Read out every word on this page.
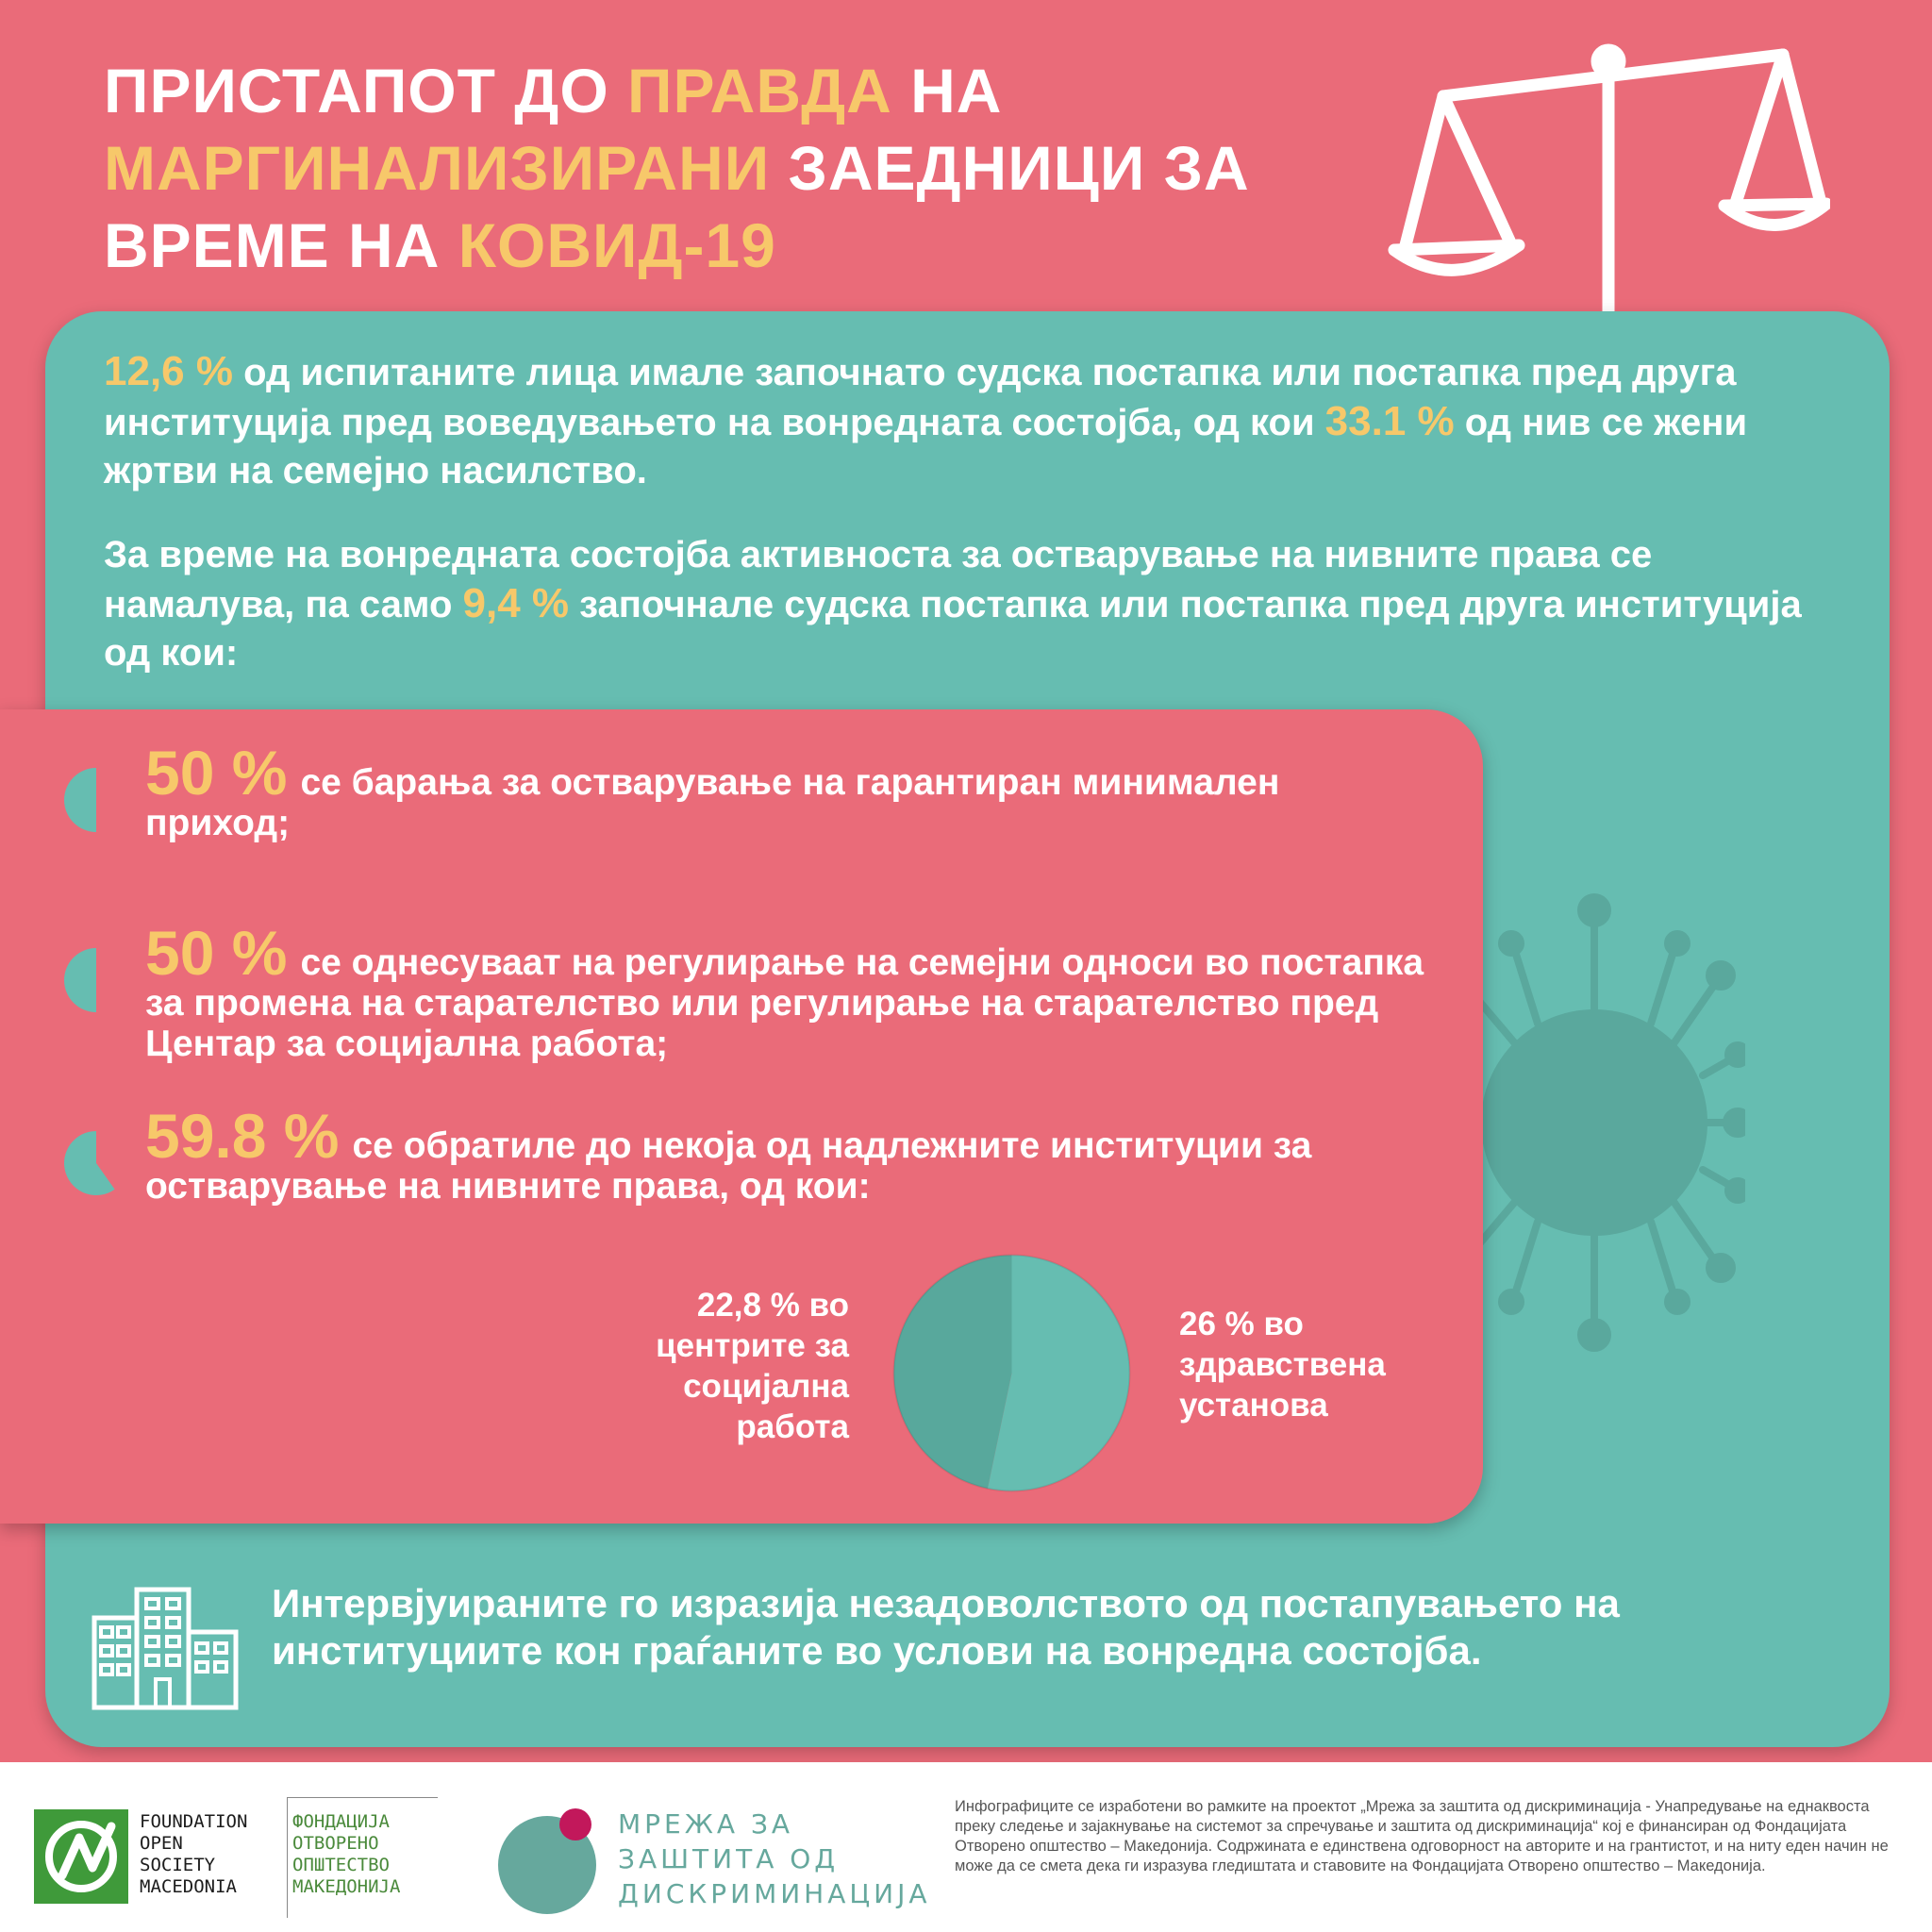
ПРИСТАПОТ ДО ПРАВДА НА
МАРГИНАЛИЗИРАНИ ЗАЕДНИЦИ ЗА
ВРЕМЕ НА КОВИД-19
12,6 % од испитаните лица имале започнато судска постапка или постапка пред друга институција пред воведувањето на вонредната состојба, од кои 33.1 % од нив се жени жртви на семејно насилство.
За време на вонредната состојба активноста за остварување на нивните права се намалува, па само 9,4 % започнале судска постапка или постапка пред друга институција од кои:
50 % се барања за остварување на гарантиран минимален приход;
50 % се однесуваат на регулирање на семејни односи во постапка за промена на старателство или регулирање на старателство пред Центар за социјална работа;
59.8 % се обратиле до некоја од надлежните институции за остварување на нивните права, од кои:
22,8 % во центрите за социјална работа
26 % во здравствена установа
Интервјуираните го изразија незадоволството од постапувањето на институциите кон граѓаните во услови на вонредна состојба.
FOUNDATION
OPEN
SOCIETY
MACEDONIA
ФОНДАЦИЈА
ОТВОРЕНО
ОПШТЕСТВО
МАКЕДОНИЈА
МРЕЖА ЗА
ЗАШТИТА ОД
ДИСКРИМИНАЦИЈА
Инфографиците се изработени во рамките на проектот „Мрежа за заштита од дискриминација - Унапредување на еднаквоста преку следење и зајакнување на системот за спречување и заштита од дискриминација“ кој е финансиран од Фондацијата Отворено општество – Македонија. Содржината е единствена одговорност на авторите и на грантистот, и на ниту еден начин не може да се смета дека ги изразува гледиштата и ставовите на Фондацијата Отворено општество – Македонија.
